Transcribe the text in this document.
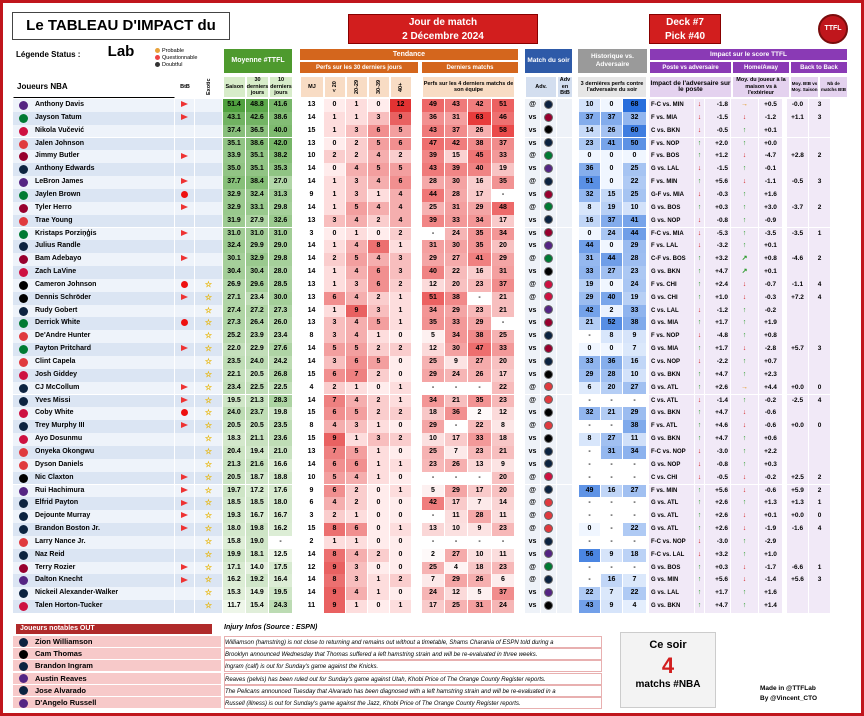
Le TABLEAU D'IMPACT du Lab
Jour de match
2 Décembre 2024
Deck #7
Pick #40
TTFL
Légende Status :	Probable
Questionnable
Doubtful
Moyenne #TTFL
Tendance
Perfs sur les 30 derniers jours	Derniers matchs
Match du soir
Historique vs. Adversaire
Impact sur le score TTFL
Poste vs adversaire	Home/Away	Back to Back
Joueurs NBA	BtB	Exotic	Saison
30 derniers jours
10 derniers jours
MJ	< 20	20-29	30-39	40+	Perfs sur les 4 derniers matchs de son équipe
Adv.
Adv en BtB
3 dernières perfs contre l'adversaire du soir
Impact de l'adversaire sur le poste
Moy. du joueur à la maison vs à l'extérieur
Moy. BtB vs Moy. Saison
Nb de matchs BtB
Anthony Davis	51.4	48.8	41.6	13	0	1	0	12	49	43	42	51	@	10	0	68	F-C vs. MIN	↓	-1.8	→	+0.5	-0.0	3
Jayson Tatum	43.1	42.6	38.6	14	1	1	3	9	36	31	63	46	vs	37	37	32	F vs. MIA	↓	-1.5	↓	-1.2	+1.1	3
Nikola Vučević	37.4	36.5	40.0	15	1	3	6	5	43	37	26	58	vs	14	26	60	C vs. BKN	↓	-0.5	↑	+0.1
Jalen Johnson	35.1	38.6	42.0	13	0	2	5	6	47	42	38	37	vs	23	41	50	F vs. NOP	↑	+2.0	↑	+0.0
Jimmy Butler	33.9	35.1	38.2	10	2	2	4	2	39	15	45	33	@	0	0	0	F vs. BOS	↑	+1.2	↓	-4.7	+2.8	2
Anthony Edwards	35.0	35.1	35.3	14	0	4	5	5	43	39	40	19	vs	36	0	25	G vs. LAL	↓	-1.5	↑	-0.1
LeBron James	37.7	38.4	27.0	14	1	3	4	6	28	30	16	35	@	51	0	22	F vs. MIN	↑	+5.6	↓	-1.1	-0.5	3
Jaylen Brown	32.9	32.4	31.3	9	1	3	1	4	44	28	17	-	vs	32	15	25	G-F vs. MIA	↓	-0.3	↑	+1.6
Tyler Herro	32.9	33.1	29.8	14	1	5	4	4	25	31	29	48	@	8	19	10	G vs. BOS	↑	+0.3	↑	+3.0	-3.7	2
Trae Young	31.9	27.9	32.6	13	3	4	2	4	39	33	34	17	vs	16	37	41	G vs. NOP	↓	-0.8	↑	-0.9
Kristaps Porziņģis	31.0	31.0	31.0	3	0	1	0	2	-	24	35	34	vs	0	24	44	F-C vs. MIA	↓	-5.3	↑	-3.5	-3.5	1
Julius Randle	32.4	29.9	29.0	14	1	4	8	1	31	30	35	20	vs	44	0	29	F vs. LAL	↓	-3.2	↑	+0.1
Bam Adebayo	30.1	32.9	29.8	14	2	5	4	3	29	27	41	29	@	31	44	28	C-F vs. BOS	↑	+3.2	↗	+0.8	-4.6	2
Zach LaVine	30.4	30.4	28.0	14	1	4	6	3	40	22	16	31	vs	33	27	23	G vs. BKN	↑	+4.7	↗	+0.1
Cameron Johnson	☆	26.9	29.6	28.5	13	1	3	6	2	12	20	23	37	@	19	0	24	F vs. CHI	↑	+2.4	↓	-0.7	-1.1	4
Dennis Schröder	☆	27.1	23.4	30.0	13	6	4	2	1	51	38	-	21	@	29	40	19	G vs. CHI	↑	+1.0	↓	-0.3	+7.2	4
Rudy Gobert	☆	27.4	27.2	27.3	14	1	9	3	1	34	29	23	21	vs	42	2	33	C vs. LAL	↓	-1.2	↑	-0.2
Derrick White	☆	27.3	26.4	26.0	13	3	4	5	1	35	33	29	-	vs	21	52	38	G vs. MIA	↑	+1.7	↑	+1.9
De'Andre Hunter	☆	25.2	23.9	23.4	8	3	4	1	0	5	34	38	25	vs	-	8	9	F vs. NOP	↓	-4.8	↑	+0.8
Payton Pritchard	☆	22.0	22.9	27.6	14	5	5	2	2	12	30	47	33	vs	0	0	7	G vs. MIA	↑	+1.7	↓	-2.8	+5.7	3
Clint Capela	☆	23.5	24.0	24.2	14	3	6	5	0	25	9	27	20	vs	33	36	16	C vs. NOP	↓	-2.2	↑	+0.7
Josh Giddey	☆	22.1	20.5	26.8	15	6	7	2	0	29	24	26	17	vs	29	28	10	G vs. BKN	↑	+4.7	↑	+2.3
CJ McCollum	☆	23.4	22.5	22.5	4	2	1	0	1	-	-	-	22	@	6	20	27	G vs. ATL	↑	+2.6	→	+4.4	+0.0	0
Yves Missi	☆	19.5	21.3	28.3	14	7	4	2	1	34	21	35	23	@	-	-	-	C vs. ATL	↓	-1.4	↑	-0.2	-2.5	4
Coby White	☆	24.0	23.7	19.8	15	6	5	2	2	18	36	2	12	vs	32	21	29	G vs. BKN	↑	+4.7	↓	-0.6
Trey Murphy III	☆	20.5	20.5	23.5	8	4	3	1	0	29	-	22	8	@	-	-	38	F vs. ATL	↑	+4.6	↓	-0.6	+0.0	0
Ayo Dosunmu	☆	18.3	21.1	23.6	15	9	1	3	2	10	17	33	18	vs	8	27	11	G vs. BKN	↑	+4.7	↑	+0.6
Onyeka Okongwu	☆	20.4	19.4	21.0	13	7	5	1	0	25	7	23	21	vs	-	31	34	F-C vs. NOP	↓	-3.0	↑	+2.2
Dyson Daniels	☆	21.3	21.6	16.6	14	6	6	1	1	23	26	13	9	vs	-	-	-	G vs. NOP	↓	-0.8	↑	+0.3
Nic Claxton	☆	20.5	18.7	18.8	10	5	4	1	0	-	-	-	20	@	-	-	-	C vs. CHI	↓	-0.5	↓	-0.2	+2.5	2
Rui Hachimura	☆	19.7	17.2	17.6	9	6	2	0	1	5	29	17	20	@	49	16	27	F vs. MIN	↑	+5.6	↓	-0.6	+5.9	2
Elfrid Payton	☆	18.5	18.5	18.0	6	4	2	0	0	42	17	7	14	@	-	-	-	G vs. ATL	↑	+2.6	↑	+1.3	+1.3	1
Dejounte Murray	☆	19.3	16.7	16.7	3	2	1	0	0	-	11	28	11	@	-	-	-	G vs. ATL	↑	+2.6	↓	+0.1	+0.0	0
Brandon Boston Jr.	☆	18.0	19.8	16.2	15	8	6	0	1	13	10	9	23	@	0	-	22	G vs. ATL	↑	+2.6	↓	-1.9	-1.6	4
Larry Nance Jr.	☆	15.8	19.0	-	2	1	1	0	0	-	-	-	-	vs	-	-	-	F-C vs. NOP	↓	-3.0	↑	-2.9
Naz Reid	☆	19.9	18.1	12.5	14	8	4	2	0	2	27	10	11	vs	56	9	18	F-C vs. LAL	↓	+3.2	↑	+1.0
Terry Rozier	☆	17.1	14.0	17.5	12	9	3	0	0	25	4	18	23	@	-	-	-	G vs. BOS	↑	+0.3	↓	-1.7	-6.6	1
Dalton Knecht	☆	16.2	19.2	16.4	14	8	3	1	2	7	29	26	6	@	-	16	7	G vs. MIN	↑	+5.6	↓	-1.4	+5.6	3
Nickeil Alexander-Walker	☆	15.3	14.9	19.5	14	9	4	1	0	24	12	5	37	vs	22	7	22	G vs. LAL	↑	+1.7	↑	+1.6
Talen Horton-Tucker	☆	11.7	15.4	24.3	11	9	1	0	1	17	25	31	24	vs	43	9	4	G vs. BKN	↑	+4.7	↑	+1.4
Joueurs notables OUT	Injury Infos (Source : ESPN)
Zion Williamson	Williamson (hamstring) is not close to returning and remains out without a timetable, Shams Charania of ESPN told during a
Cam Thomas	Brooklyn announced Wednesday that Thomas suffered a left hamstring strain and will be re-evaluated in three weeks.
Brandon Ingram	Ingram (calf) is out for Sunday's game against the Knicks.
Austin Reaves	Reaves (pelvis) has been ruled out for Sunday's game against Utah, Khobi Price of The Orange County Register reports.
Jose Alvarado	The Pelicans announced Tuesday that Alvarado has been diagnosed with a left hamstring strain and will be re-evaluated in a
D'Angelo Russell	Russell (illness) is out for Sunday's game against the Jazz, Khobi Price of The Orange County Register reports.
Ce soir
4
matchs #NBA	Made in @TTFLab
By @Vincent_CTO
